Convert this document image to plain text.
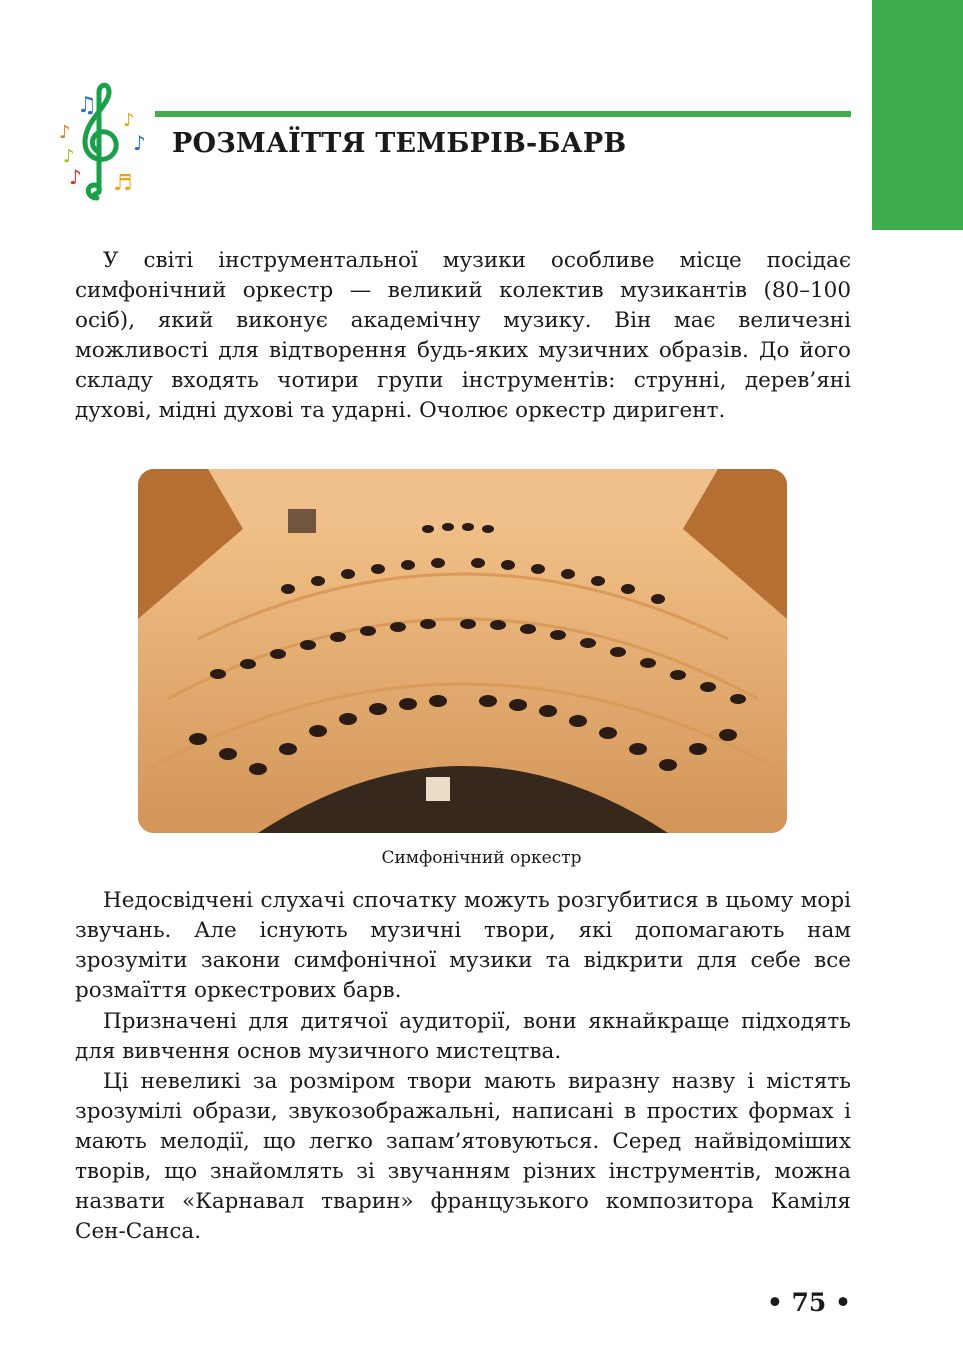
♫
♪
♪
♪
♪
♪ ♬
РОЗМАЇТТЯ ТЕМБРІВ-БАРВ

У світі інструментальної музики особливе місце посідає симфонічний оркестр — великий колектив музикантів (80–100 осіб), який виконує академічну музику. Він має величезні можливості для відтворення будь-яких музичних образів. До його складу входять чотири групи інструментів: струнні, дерев’яні духові, мідні духові та ударні. Очолює оркестр диригент.

Симфонічний оркестр

Недосвідчені слухачі спочатку можуть розгубитися в цьому морі звучань. Але існують музичні твори, які допомагають нам зрозуміти закони симфонічної музики та відкрити для себе все розмаїття оркестрових барв.

Призначені для дитячої аудиторії, вони якнайкраще підходять для вивчення основ музичного мистецтва.

Ці невеликі за розміром твори мають виразну назву і містять зрозумілі образи, звукозображальні, написані в простих формах і мають мелодії, що легко запам’ятовуються. Серед найвідоміших творів, що знайомлять зі звучанням різних інструментів, можна назвати «Карнавал тварин» французького композитора Каміля Сен-Санса.

• 75 •
